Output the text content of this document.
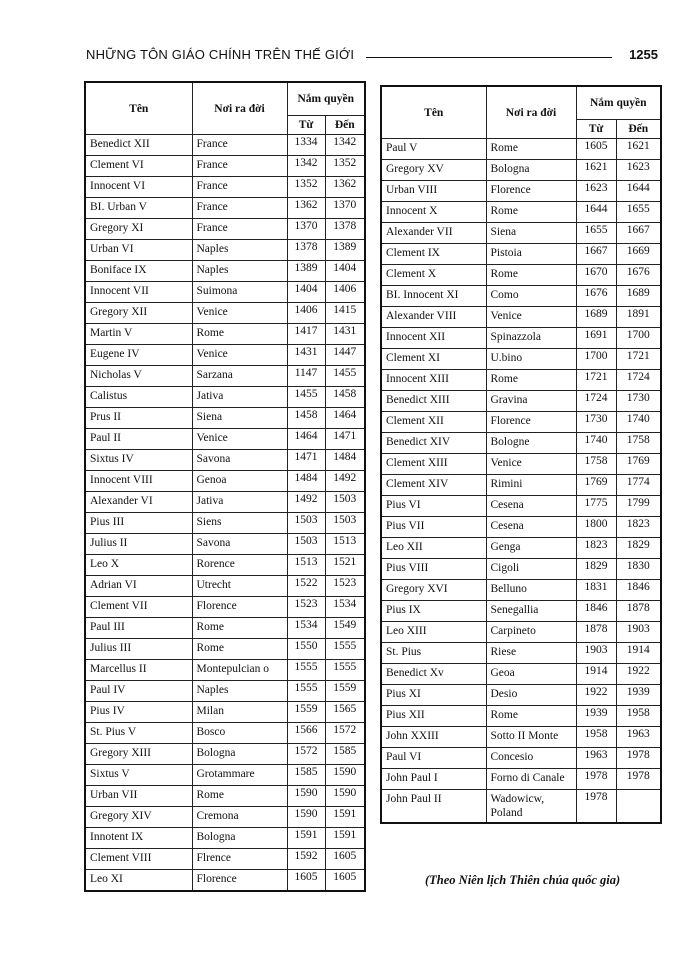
NHỮNG TÔN GIÁO CHÍNH TRÊN THẾ GIỚI	1255
Tên	Nơi ra đời	Nắm quyền	
		Từ	Đến
Benedict XII	France	1334	1342
Clement VI	France	1342	1352
Innocent VI	France	1352	1362
BI. Urban V	France	1362	1370
Gregory XI	France	1370	1378
Urban VI	Naples	1378	1389
Boniface IX	Naples	1389	1404
Innocent VII	Suimona	1404	1406
Gregory XII	Venice	1406	1415
Martin V	Rome	1417	1431
Eugene IV	Venice	1431	1447
Nicholas V	Sarzana	1147	1455
Calistus	Jativa	1455	1458
Prus II	Siena	1458	1464
Paul II	Venice	1464	1471
Sixtus IV	Savona	1471	1484
Innocent VIII	Genoa	1484	1492
Alexander VI	Jativa	1492	1503
Pius III	Siens	1503	1503
Julius II	Savona	1503	1513
Leo X	Rorence	1513	1521
Adrian VI	Utrecht	1522	1523
Clement VII	Florence	1523	1534
Paul III	Rome	1534	1549
Julius III	Rome	1550	1555
Marcellus II	Montepulcian o	1555	1555
Paul IV	Naples	1555	1559
Pius IV	Milan	1559	1565
St. Pius V	Bosco	1566	1572
Gregory XIII	Bologna	1572	1585
Sixtus V	Grotammare	1585	1590
Urban VII	Rome	1590	1590
Gregory XIV	Cremona	1590	1591
Innotent IX	Bologna	1591	1591
Clement VIII	Flrence	1592	1605
Leo XI	Florence	1605	1605
Tên	Nơi ra đời	Nắm quyền	
		Từ	Đến
Paul V	Rome	1605	1621
Gregory XV	Bologna	1621	1623
Urban VIII	Florence	1623	1644
Innocent X	Rome	1644	1655
Alexander VII	Siena	1655	1667
Clement IX	Pistoia	1667	1669
Clement X	Rome	1670	1676
BI. Innocent XI	Como	1676	1689
Alexander VIII	Venice	1689	1891
Innocent XII	Spinazzola	1691	1700
Clement XI	U.bino	1700	1721
Innocent XIII	Rome	1721	1724
Benedict XIII	Gravina	1724	1730
Clement XII	Florence	1730	1740
Benedict XIV	Bologne	1740	1758
Clement XIII	Venice	1758	1769
Clement XIV	Rimini	1769	1774
Pius VI	Cesena	1775	1799
Pius VII	Cesena	1800	1823
Leo XII	Genga	1823	1829
Pius VIII	Cigoli	1829	1830
Gregory XVI	Belluno	1831	1846
Pius IX	Senegallia	1846	1878
Leo XIII	Carpineto	1878	1903
St. Pius	Riese	1903	1914
Benedict Xv	Geoa	1914	1922
Pius XI	Desio	1922	1939
Pius XII	Rome	1939	1958
John XXIII	Sotto II Monte	1958	1963
Paul VI	Concesio	1963	1978
John Paul I	Forno di Canale	1978	1978
John Paul II	Wadowicw, Poland	1978	
(Theo Niên lịch Thiên chúa quốc gia)
